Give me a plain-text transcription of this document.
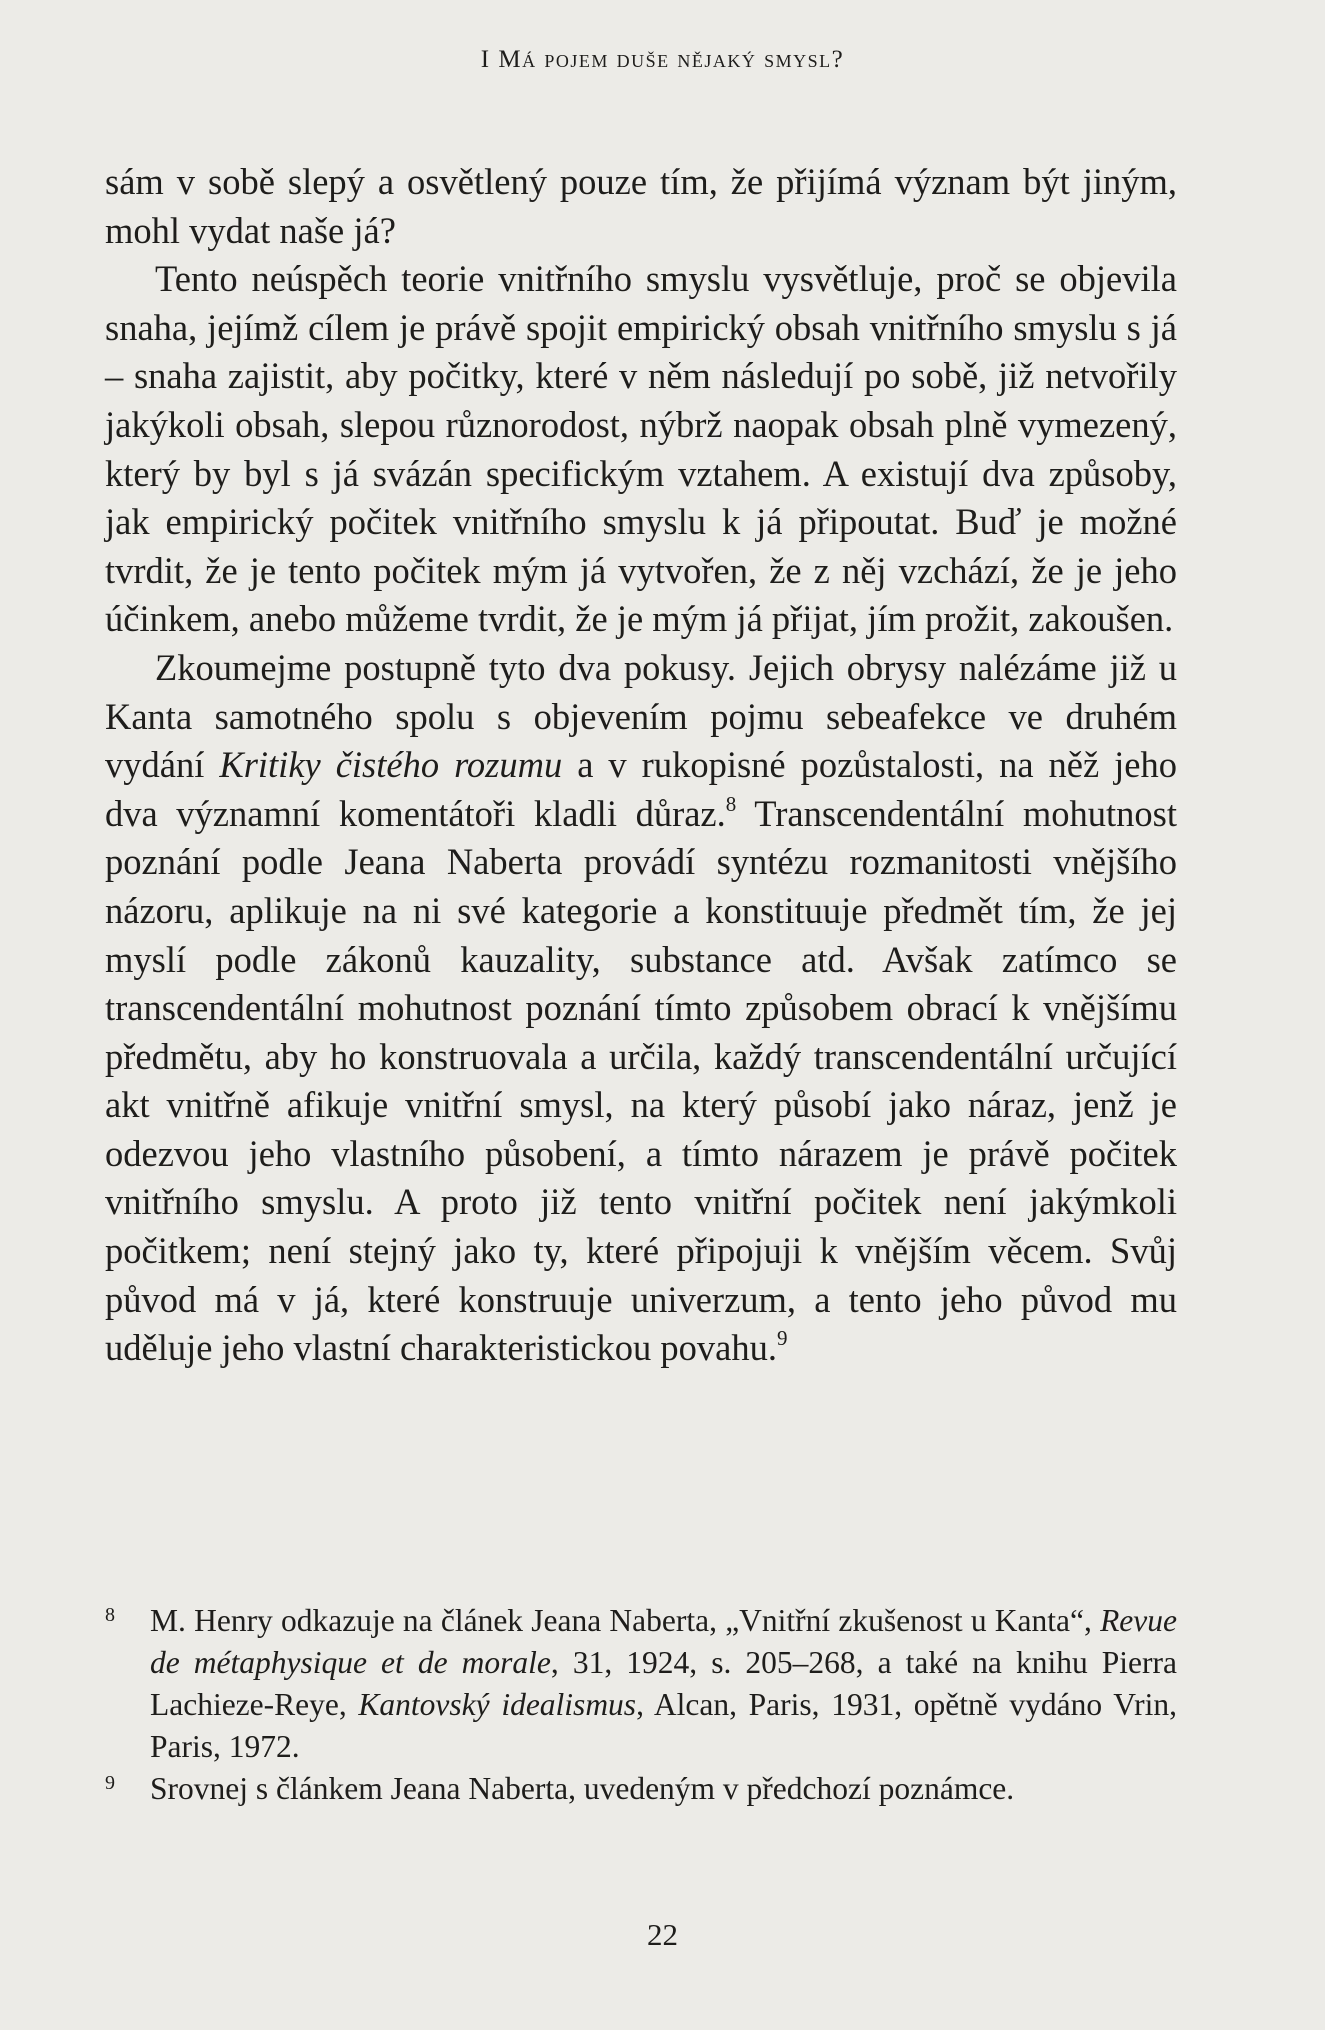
I Má pojem duše nějaký smysl?

sám v sobě slepý a osvětlený pouze tím, že přijímá význam být jiným, mohl vydat naše já?

Tento neúspěch teorie vnitřního smyslu vysvětluje, proč se objevila snaha, jejímž cílem je právě spojit empirický obsah vnitřního smyslu s já – snaha zajistit, aby počitky, které v něm následují po sobě, již netvořily jakýkoli obsah, slepou různorodost, nýbrž naopak obsah plně vymezený, který by byl s já svázán specifickým vztahem. A existují dva způsoby, jak empirický počitek vnitřního smyslu k já připoutat. Buď je možné tvrdit, že je tento počitek mým já vytvořen, že z něj vzchází, že je jeho účinkem, anebo můžeme tvrdit, že je mým já přijat, jím prožit, zakoušen.

Zkoumejme postupně tyto dva pokusy. Jejich obrysy nalézáme již u Kanta samotného spolu s objevením pojmu sebeafekce ve druhém vydání Kritiky čistého rozumu a v rukopisné pozůstalosti, na něž jeho dva významní komentátoři kladli důraz.$^8$ Transcendentální mohutnost poznání podle Jeana Naberta provádí syntézu rozmanitosti vnějšího názoru, aplikuje na ni své kategorie a konstituuje předmět tím, že jej myslí podle zákonů kauzality, substance atd. Avšak zatímco se transcendentální mohutnost poznání tímto způsobem obrací k vnějšímu předmětu, aby ho konstruovala a určila, každý transcendentální určující akt vnitřně afikuje vnitřní smysl, na který působí jako náraz, jenž je odezvou jeho vlastního působení, a tímto nárazem je právě počitek vnitřního smyslu. A proto již tento vnitřní počitek není jakýmkoli počitkem; není stejný jako ty, které připojuji k vnějším věcem. Svůj původ má v já, které konstruuje univerzum, a tento jeho původ mu uděluje jeho vlastní charakteristickou povahu.$^9$

8 M. Henry odkazuje na článek Jeana Naberta, „Vnitřní zkušenost u Kanta“, Revue de métaphysique et de morale, 31, 1924, s. 205–268, a také na knihu Pierra Lachieze-Reye, Kantovský idealismus, Alcan, Paris, 1931, opětně vydáno Vrin, Paris, 1972.
9 Srovnej s článkem Jeana Naberta, uvedeným v předchozí poznámce.
22
